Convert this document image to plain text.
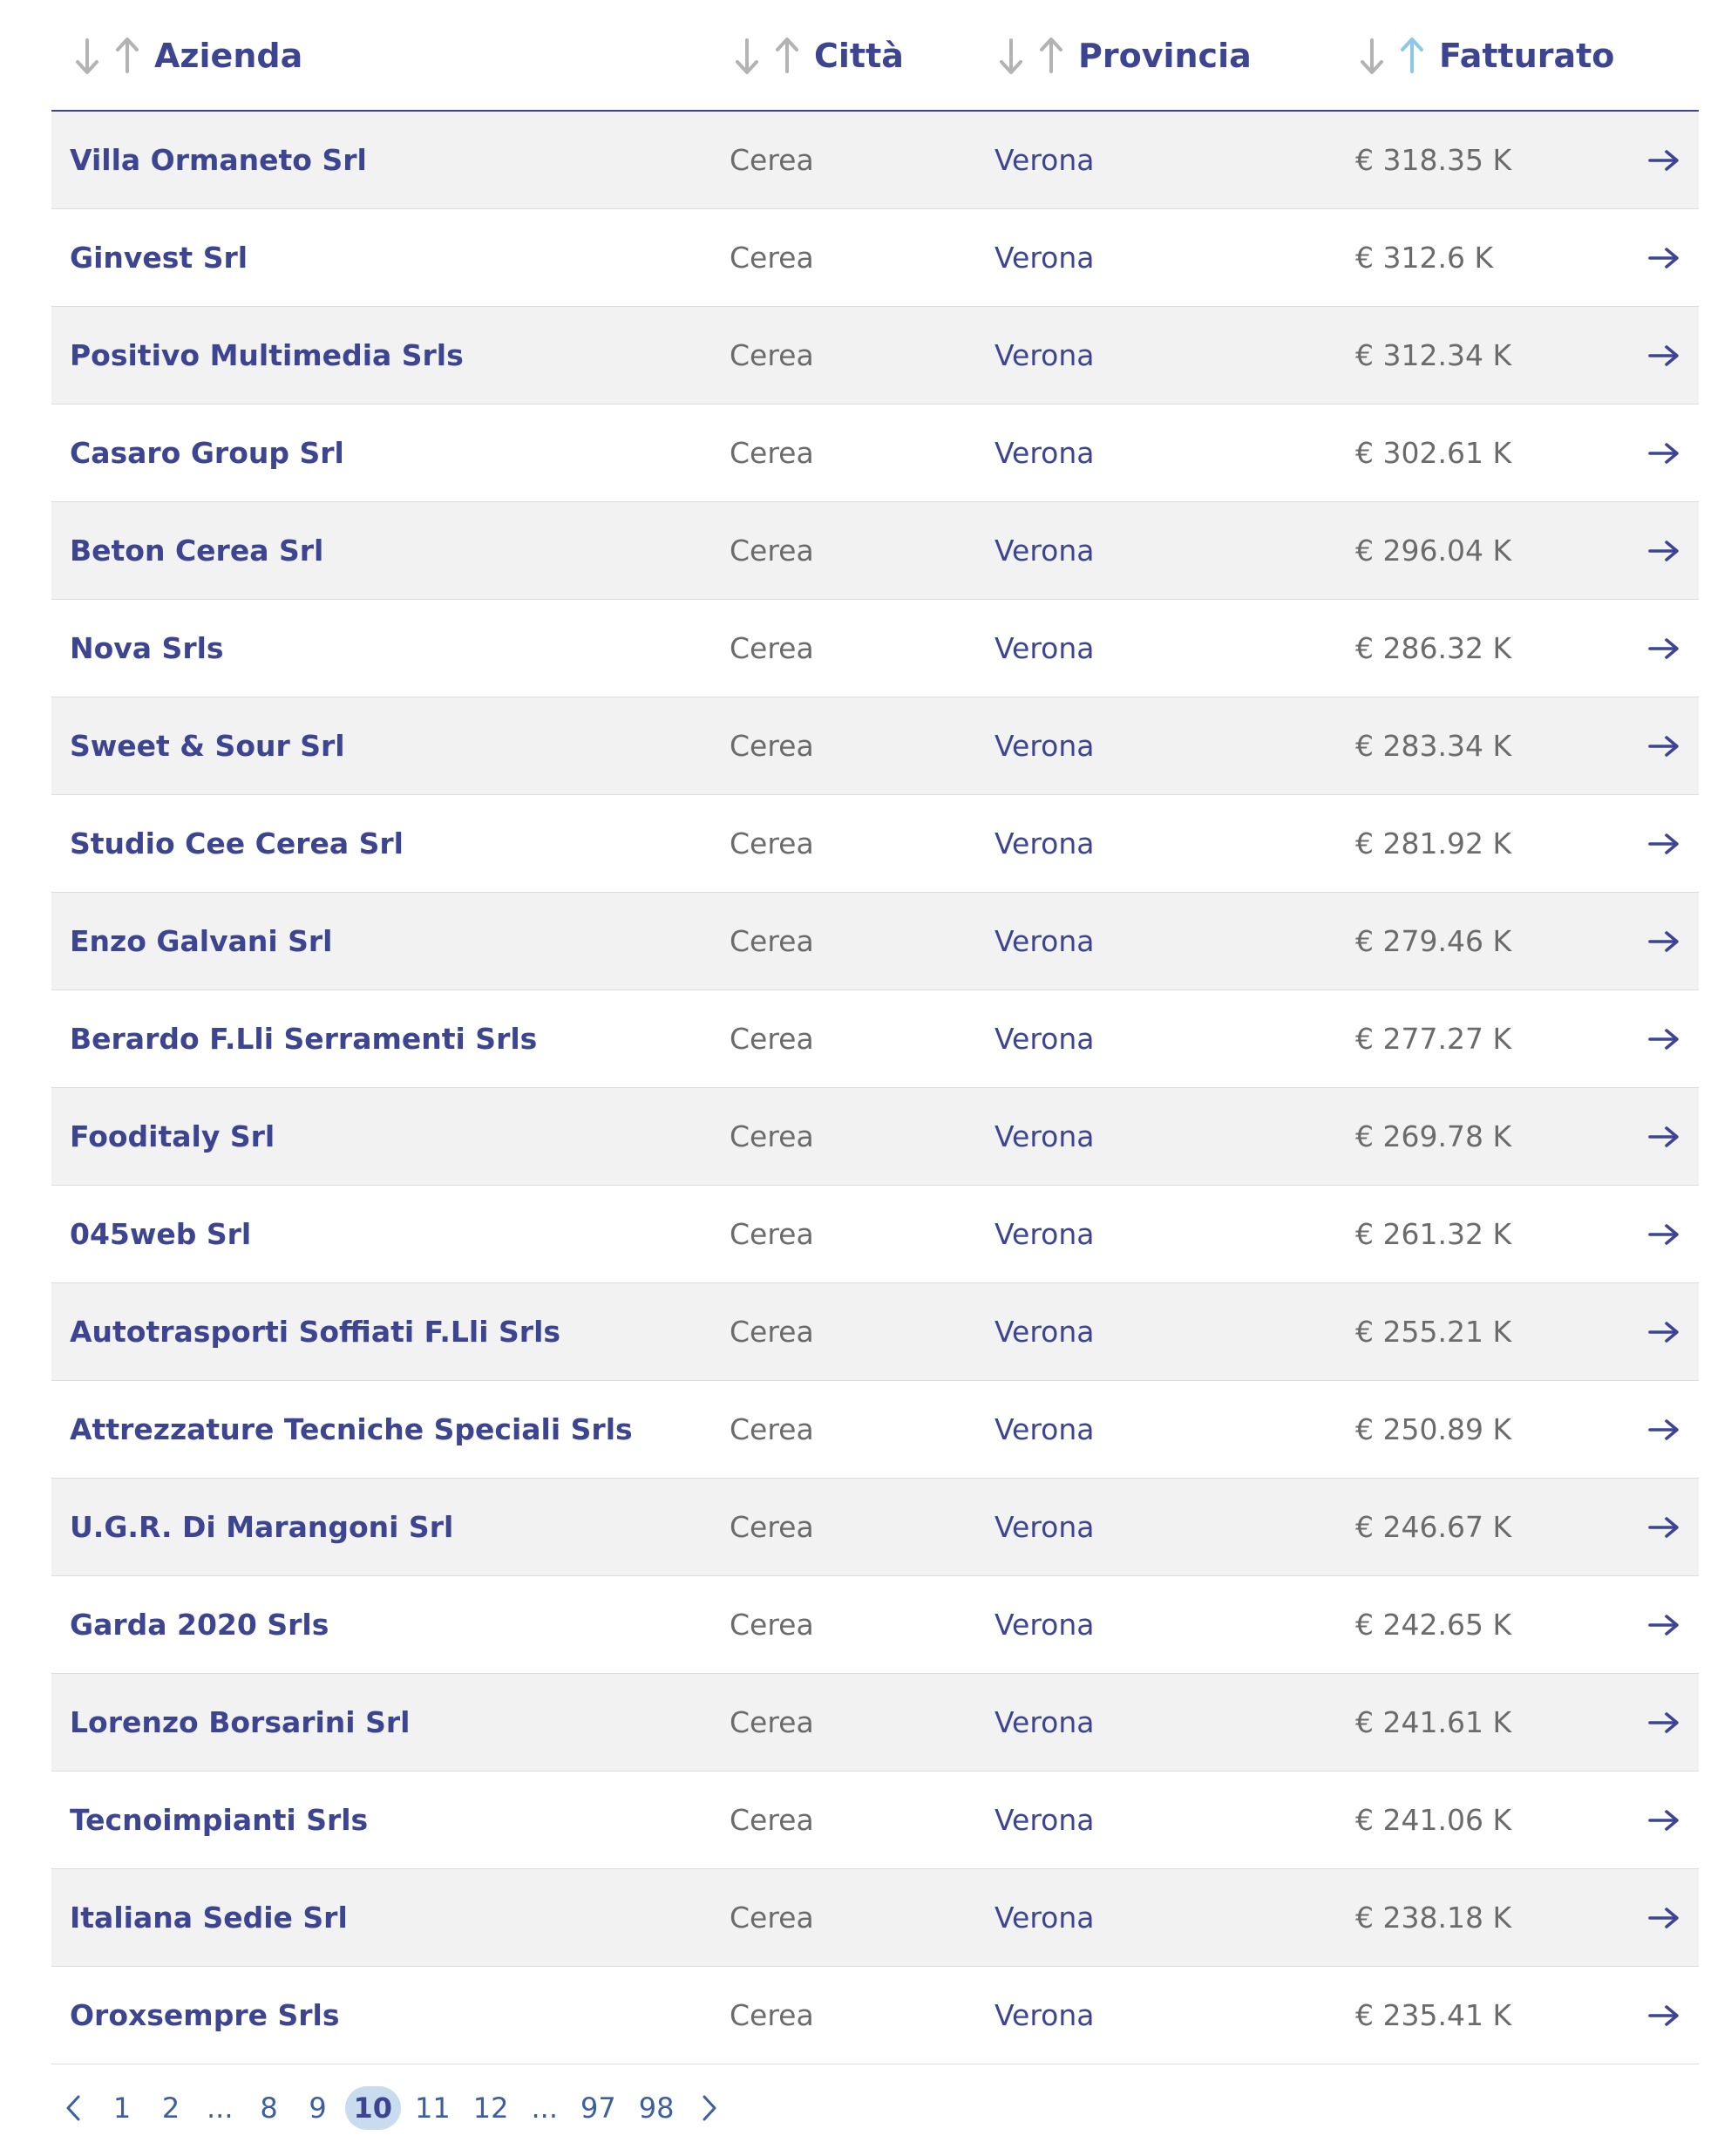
Azienda	Città	Provincia	Fatturato
Villa Ormaneto Srl	Cerea	Verona	€ 318.35 K
Ginvest Srl	Cerea	Verona	€ 312.6 K
Positivo Multimedia Srls	Cerea	Verona	€ 312.34 K
Casaro Group Srl	Cerea	Verona	€ 302.61 K
Beton Cerea Srl	Cerea	Verona	€ 296.04 K
Nova Srls	Cerea	Verona	€ 286.32 K
Sweet & Sour Srl	Cerea	Verona	€ 283.34 K
Studio Cee Cerea Srl	Cerea	Verona	€ 281.92 K
Enzo Galvani Srl	Cerea	Verona	€ 279.46 K
Berardo F.Lli Serramenti Srls	Cerea	Verona	€ 277.27 K
Fooditaly Srl	Cerea	Verona	€ 269.78 K
045web Srl	Cerea	Verona	€ 261.32 K
Autotrasporti Soffiati F.Lli Srls	Cerea	Verona	€ 255.21 K
Attrezzature Tecniche Speciali Srls	Cerea	Verona	€ 250.89 K
U.G.R. Di Marangoni Srl	Cerea	Verona	€ 246.67 K
Garda 2020 Srls	Cerea	Verona	€ 242.65 K
Lorenzo Borsarini Srl	Cerea	Verona	€ 241.61 K
Tecnoimpianti Srls	Cerea	Verona	€ 241.06 K
Italiana Sedie Srl	Cerea	Verona	€ 238.18 K
Oroxsempre Srls	Cerea	Verona	€ 235.41 K
1	2 ... 8	9 10 11 12 ... 97 98
